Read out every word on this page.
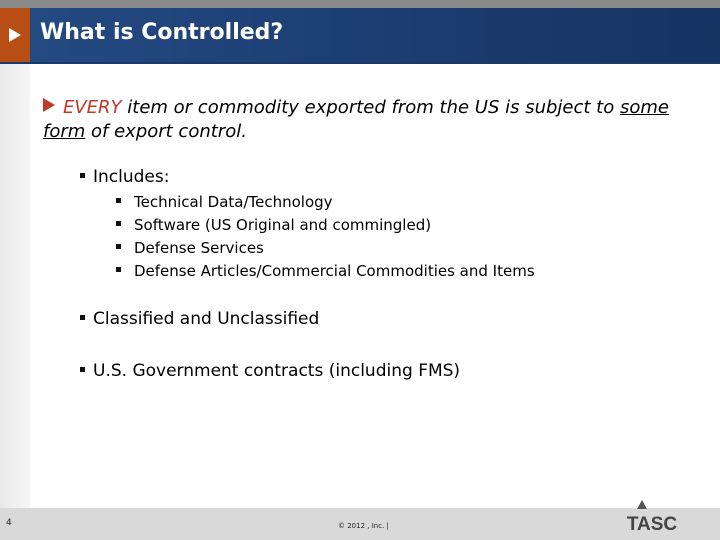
What is Controlled?
EVERY item or commodity exported from the US is subject to some form of export control.
Includes:
Technical Data/Technology
Software (US Original and commingled)
Defense Services
Defense Articles/Commercial Commodities and Items
Classified and Unclassified
U.S. Government contracts (including FMS)
4	© 2012 , Inc. |	TASC
